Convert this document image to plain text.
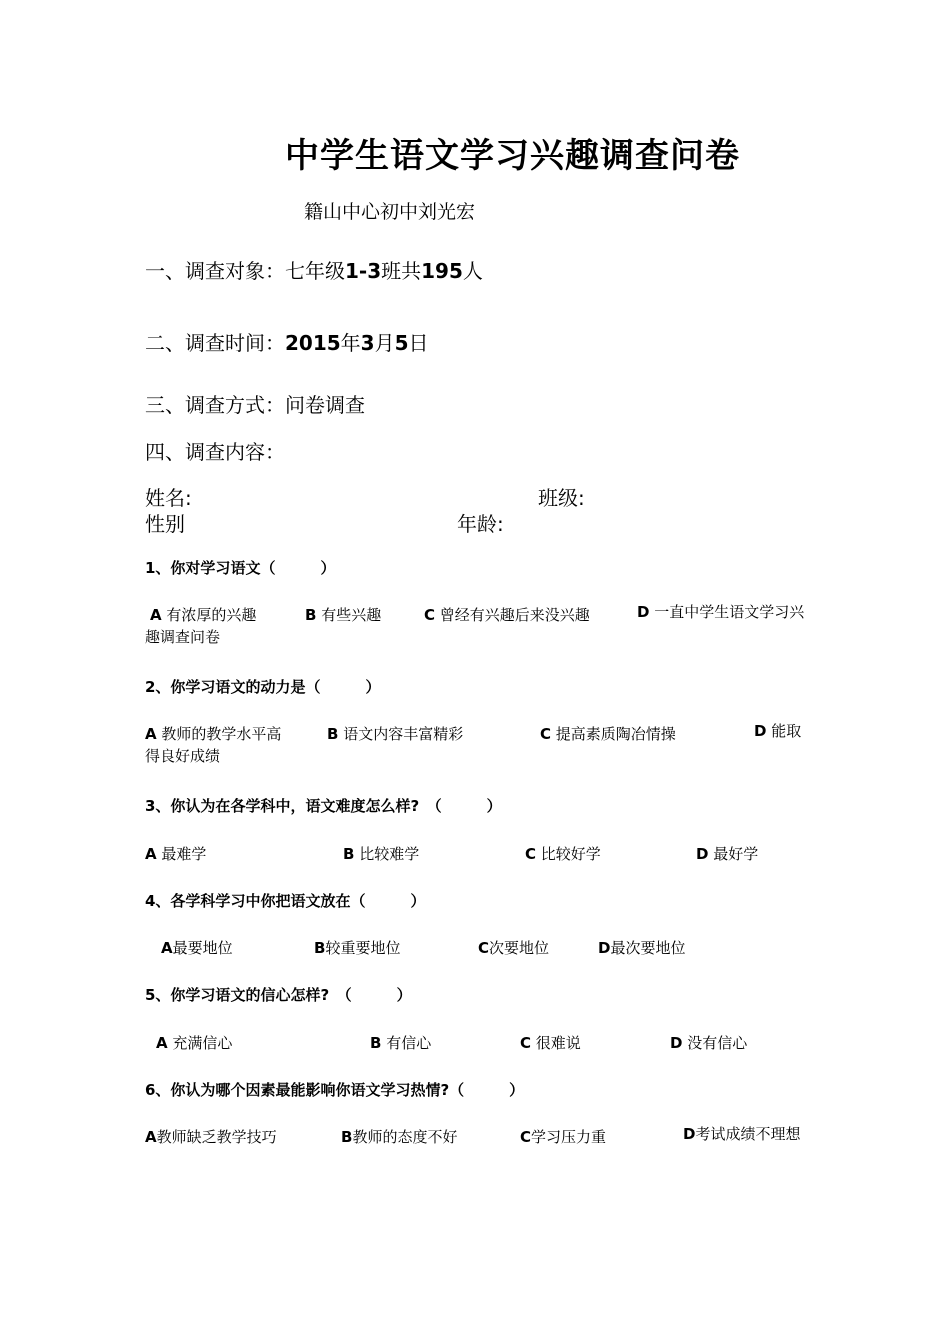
中学生语文学习兴趣调查问卷
籍山中心初中刘光宏
一、调查对象：七年级1-3班共195人
二、调查时间：2015年3月5日
三、调查方式：问卷调查
四、调查内容：
姓名:	班级:
性别	年龄:
1、你对学习语文（　　　）
A 有浓厚的兴趣	B 有些兴趣	C 曾经有兴趣后来没兴趣	D 一直中学生语文学习兴趣调查问卷
2、你学习语文的动力是（　　　）
A 教师的教学水平高	B 语文内容丰富精彩	C 提高素质陶冶情操	D 能取得良好成绩
3、你认为在各学科中，语文难度怎么样?　（　　　）
A 最难学	B 比较难学	C 比较好学	D 最好学
4、各学科学习中你把语文放在（　　　）
A最要地位	B较重要地位	C次要地位	D最次要地位
5、你学习语文的信心怎样?　（　　　）
A 充满信心	B 有信心	C 很难说	D 没有信心
6、你认为哪个因素最能影响你语文学习热情?（　　　）
A教师缺乏教学技巧	B教师的态度不好	C学习压力重	D考试成绩不理想
